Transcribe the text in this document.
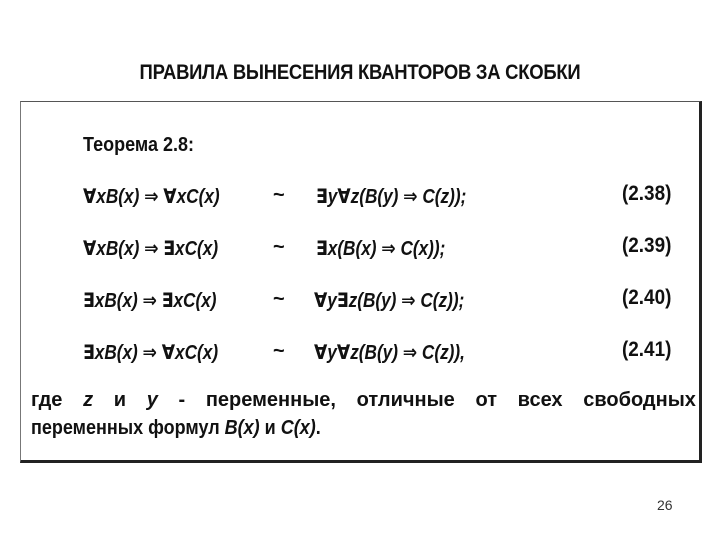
ПРАВИЛА ВЫНЕСЕНИЯ КВАНТОРОВ ЗА СКОБКИ
Теорема 2.8:
∀xB(x) ⇒ ∀xC(x)	~ ∃y∀z(B(y) ⇒ C(z));	(2.38)
∀xB(x) ⇒ ∃xC(x)	~ ∃x(B(x) ⇒ C(x));	(2.39)
∃xB(x) ⇒ ∃xC(x)	~ ∀y∃z(B(y) ⇒ C(z));	(2.40)
∃xB(x) ⇒ ∀xC(x)	~ ∀y∀z(B(y) ⇒ C(z)),	(2.41)
где z и y - переменные, отличные от всех свободных
переменных формул B(x) и C(x).
26
